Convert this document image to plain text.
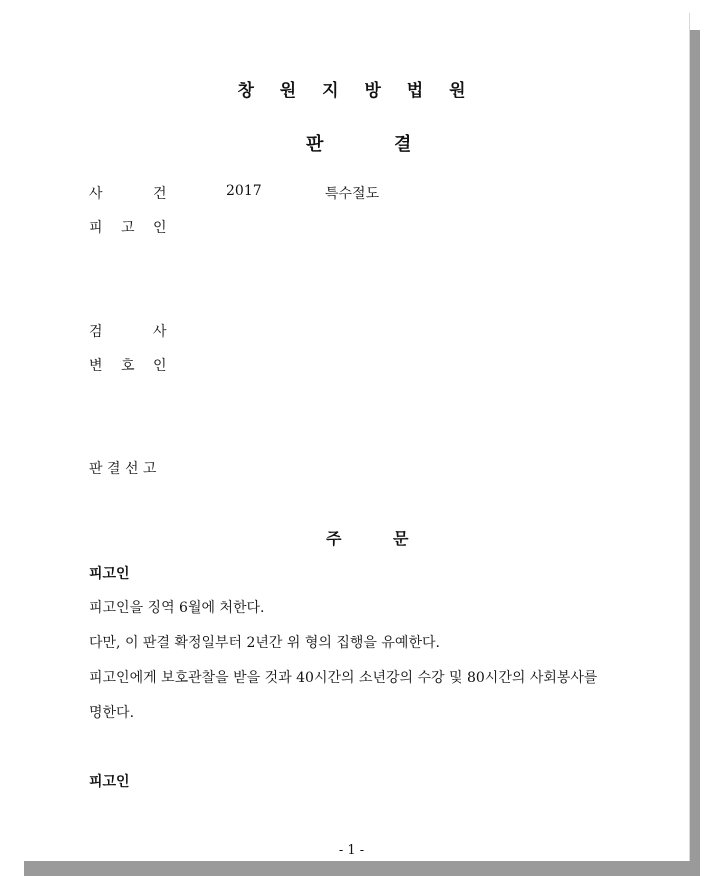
창 원 지 방 법 원
판	결
사	건	2017	특수절도
피 고 인
검	사
변 호 인
판 결 선 고
주	문
피고인
피고인을 징역 6월에 처한다.
다만, 이 판결 확정일부터 2년간 위 형의 집행을 유예한다.
피고인에게 보호관찰을 받을 것과 40시간의 소년강의 수강 및 80시간의 사회봉사를
명한다.
피고인
- 1 -
